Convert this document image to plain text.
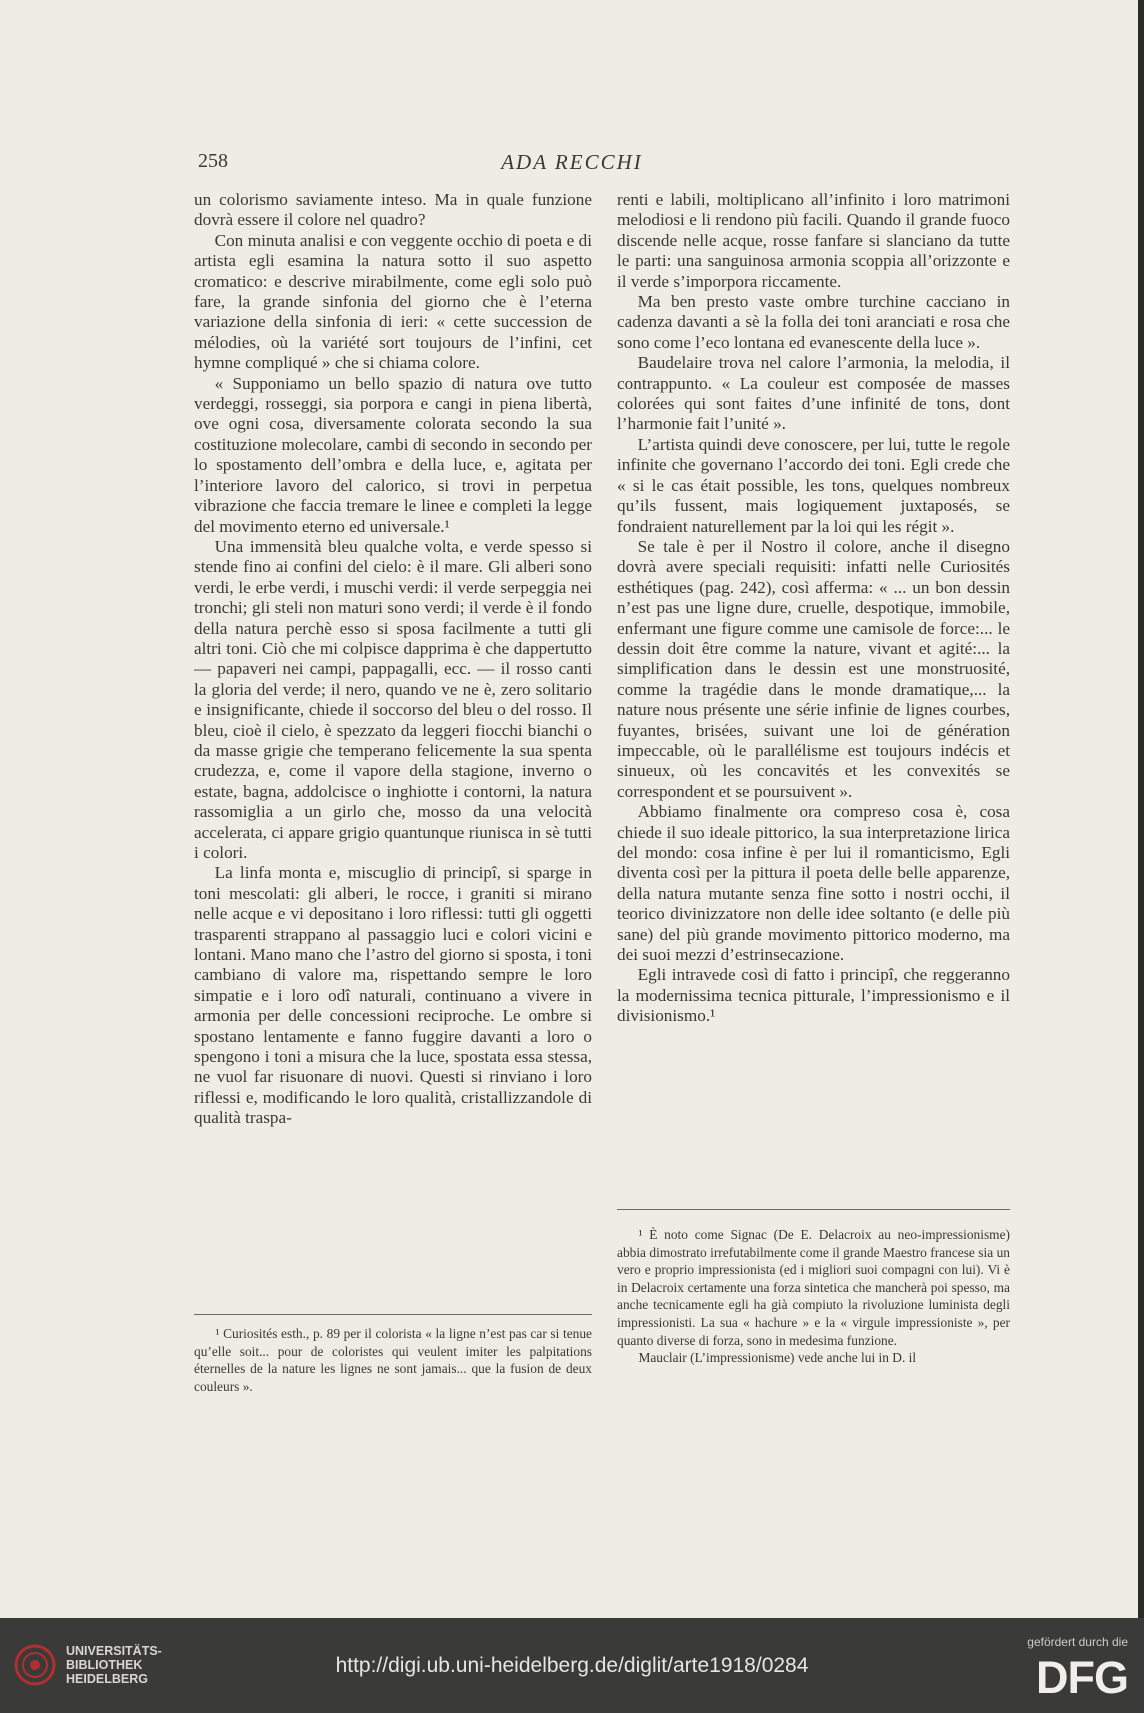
258	ADA RECCHI

un colorismo saviamente inteso. Ma in quale funzione dovrà essere il colore nel quadro?

Con minuta analisi e con veggente occhio di poeta e di artista egli esamina la natura sotto il suo aspetto cromatico: e descrive mirabilmente, come egli solo può fare, la grande sinfonia del giorno che è l’eterna variazione della sinfonia di ieri: « cette succession de mélodies, où la variété sort toujours de l’infini, cet hymne compliqué » che si chiama colore.

« Supponiamo un bello spazio di natura ove tutto verdeggi, rosseggi, sia porpora e cangi in piena libertà, ove ogni cosa, diversamente colorata secondo la sua costituzione molecolare, cambi di secondo in secondo per lo spostamento dell’ombra e della luce, e, agitata per l’interiore lavoro del calorico, si trovi in perpetua vibrazione che faccia tremare le linee e completi la legge del movimento eterno ed universale.¹

Una immensità bleu qualche volta, e verde spesso si stende fino ai confini del cielo: è il mare. Gli alberi sono verdi, le erbe verdi, i muschi verdi: il verde serpeggia nei tronchi; gli steli non maturi sono verdi; il verde è il fondo della natura perchè esso si sposa facilmente a tutti gli altri toni. Ciò che mi colpisce dapprima è che dappertutto — papaveri nei campi, pappagalli, ecc. — il rosso canti la gloria del verde; il nero, quando ve ne è, zero solitario e insignificante, chiede il soccorso del bleu o del rosso. Il bleu, cioè il cielo, è spezzato da leggeri fiocchi bianchi o da masse grigie che temperano felicemente la sua spenta crudezza, e, come il vapore della stagione, inverno o estate, bagna, addolcisce o inghiotte i contorni, la natura rassomiglia a un girlo che, mosso da una velocità accelerata, ci appare grigio quantunque riunisca in sè tutti i colori.

La linfa monta e, miscuglio di principî, si sparge in toni mescolati: gli alberi, le rocce, i graniti si mirano nelle acque e vi depositano i loro riflessi: tutti gli oggetti trasparenti strappano al passaggio luci e colori vicini e lontani. Mano mano che l’astro del giorno si sposta, i toni cambiano di valore ma, rispettando sempre le loro simpatie e i loro odî naturali, continuano a vivere in armonia per delle concessioni reciproche. Le ombre si spostano lentamente e fanno fuggire davanti a loro o spengono i toni a misura che la luce, spostata essa stessa, ne vuol far risuonare di nuovi. Questi si rinviano i loro riflessi e, modificando le loro qualità, cristallizzandole di qualità traspa-

renti e labili, moltiplicano all’infinito i loro matrimoni melodiosi e li rendono più facili. Quando il grande fuoco discende nelle acque, rosse fanfare si slanciano da tutte le parti: una sanguinosa armonia scoppia all’orizzonte e il verde s’imporpora riccamente.

Ma ben presto vaste ombre turchine cacciano in cadenza davanti a sè la folla dei toni aranciati e rosa che sono come l’eco lontana ed evanescente della luce ».

Baudelaire trova nel calore l’armonia, la melodia, il contrappunto. « La couleur est composée de masses colorées qui sont faites d’une infinité de tons, dont l’harmonie fait l’unité ».

L’artista quindi deve conoscere, per lui, tutte le regole infinite che governano l’accordo dei toni. Egli crede che « si le cas était possible, les tons, quelques nombreux qu’ils fussent, mais logiquement juxtaposés, se fondraient naturellement par la loi qui les régit ».

Se tale è per il Nostro il colore, anche il disegno dovrà avere speciali requisiti: infatti nelle Curiosités esthétiques (pag. 242), così afferma: « ... un bon dessin n’est pas une ligne dure, cruelle, despotique, immobile, enfermant une figure comme une camisole de force:... le dessin doit être comme la nature, vivant et agité:... la simplification dans le dessin est une monstruosité, comme la tragédie dans le monde dramatique,... la nature nous présente une série infinie de lignes courbes, fuyantes, brisées, suivant une loi de génération impeccable, où le parallélisme est toujours indécis et sinueux, où les concavités et les convexités se correspondent et se poursuivent ».

Abbiamo finalmente ora compreso cosa è, cosa chiede il suo ideale pittorico, la sua interpretazione lirica del mondo: cosa infine è per lui il romanticismo, Egli diventa così per la pittura il poeta delle belle apparenze, della natura mutante senza fine sotto i nostri occhi, il teorico divinizzatore non delle idee soltanto (e delle più sane) del più grande movimento pittorico moderno, ma dei suoi mezzi d’estrinsecazione.

Egli intravede così di fatto i principî, che reggeranno la modernissima tecnica pitturale, l’impressionismo e il divisionismo.¹

¹ Curiosités esth., p. 89 per il colorista « la ligne n’est pas car si tenue qu’elle soit... pour de coloristes qui veulent imiter les palpitations éternelles de la nature les lignes ne sont jamais... que la fusion de deux couleurs ».

¹ È noto come Signac (De E. Delacroix au neo-impressionisme) abbia dimostrato irrefutabilmente come il grande Maestro francese sia un vero e proprio impressionista (ed i migliori suoi compagni con lui). Vi è in Delacroix certamente una forza sintetica che mancherà poi spesso, ma anche tecnicamente egli ha già compiuto la rivoluzione luminista degli impressionisti. La sua « hachure » e la « virgule impressioniste », per quanto diverse di forza, sono in medesima funzione.

Mauclair (L’impressionisme) vede anche lui in D. il

UNIVERSITÄTS-
BIBLIOTHEK
HEIDELBERG
http://digi.ub.uni-heidelberg.de/diglit/arte1918/0284
gefördert durch die
DFG
